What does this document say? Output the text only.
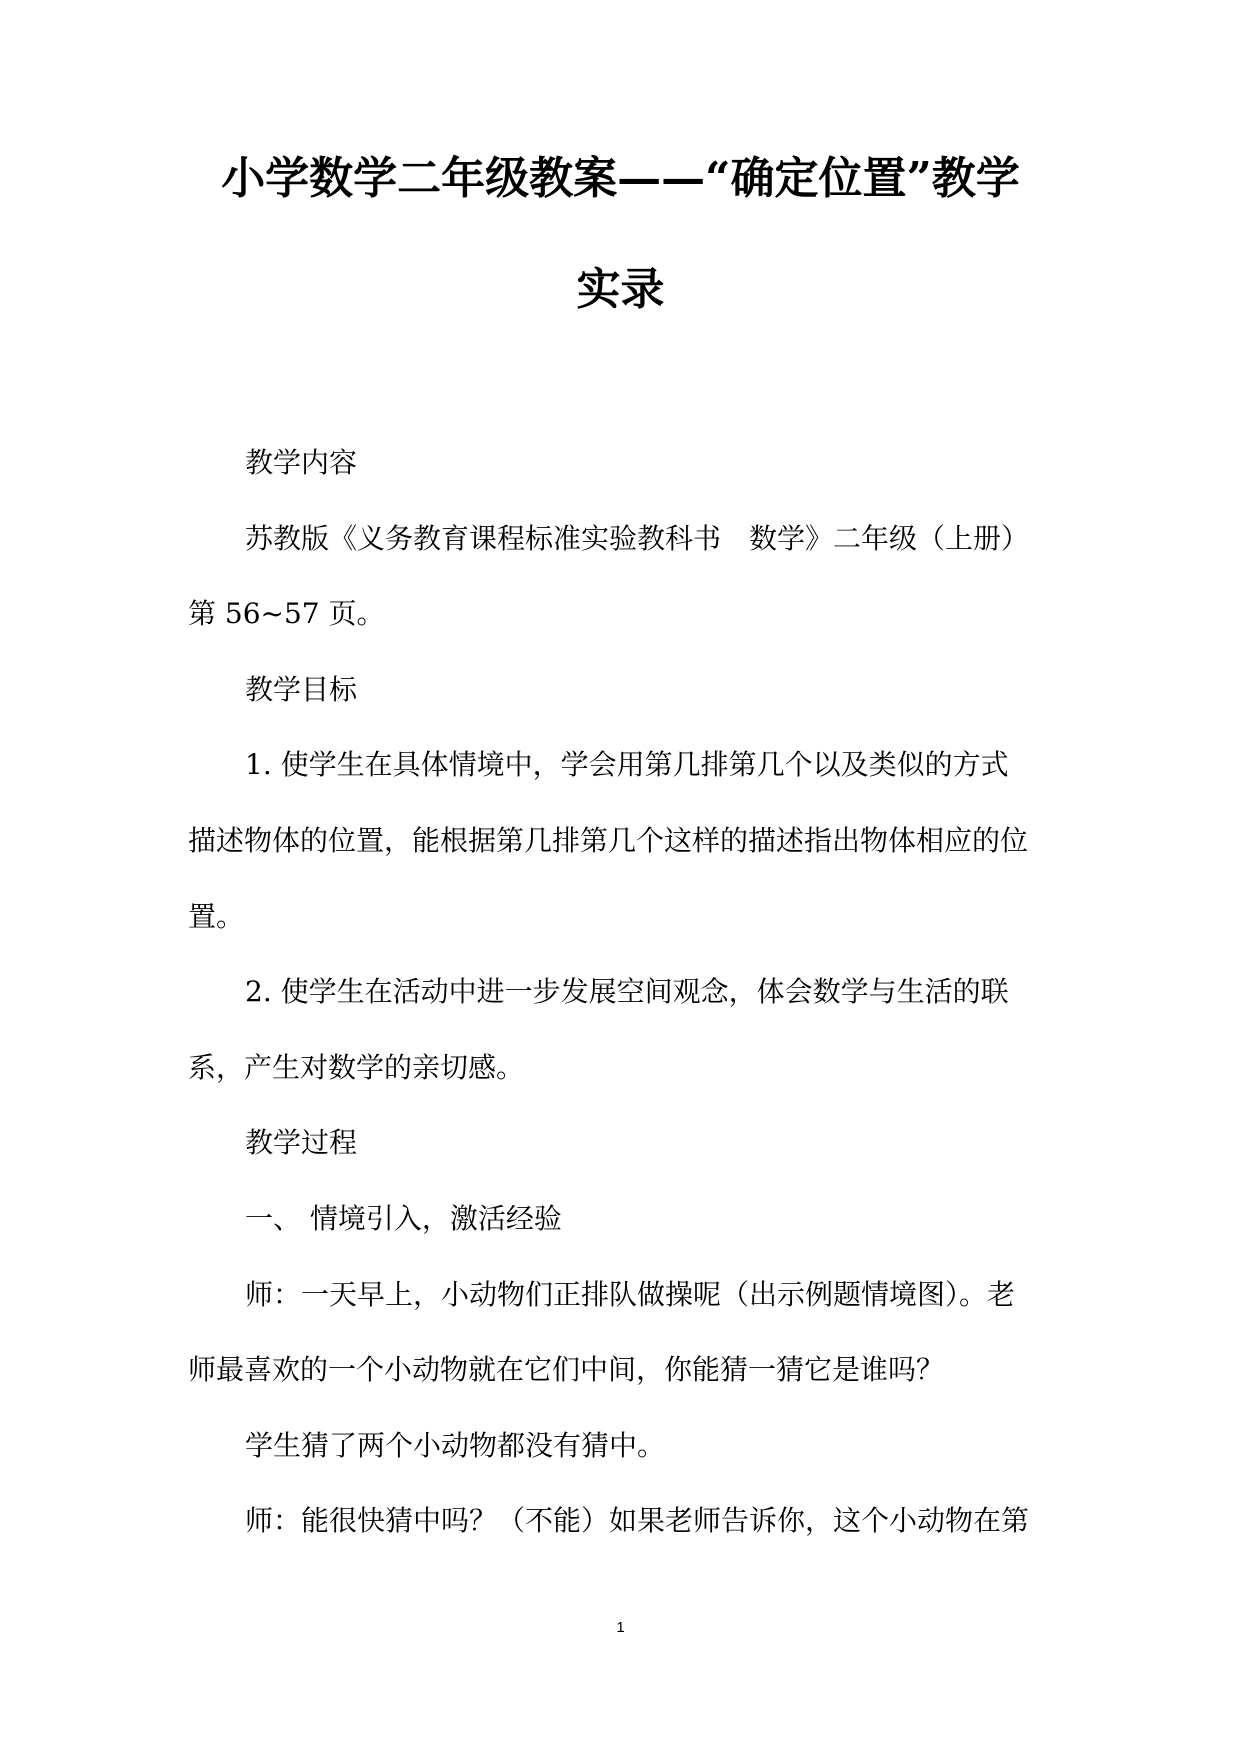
小学数学二年级教案——“确定位置”教学
实录
教学内容
苏教版《义务教育课程标准实验教科书　数学》二年级（上册）
第 56~57 页。
教学目标
1. 使学生在具体情境中，学会用第几排第几个以及类似的方式
描述物体的位置，能根据第几排第几个这样的描述指出物体相应的位
置。
2. 使学生在活动中进一步发展空间观念，体会数学与生活的联
系，产生对数学的亲切感。
教学过程
一、 情境引入，激活经验
师：一天早上，小动物们正排队做操呢（出示例题情境图）。老
师最喜欢的一个小动物就在它们中间，你能猜一猜它是谁吗？
学生猜了两个小动物都没有猜中。
师：能很快猜中吗？（不能）如果老师告诉你，这个小动物在第
1
